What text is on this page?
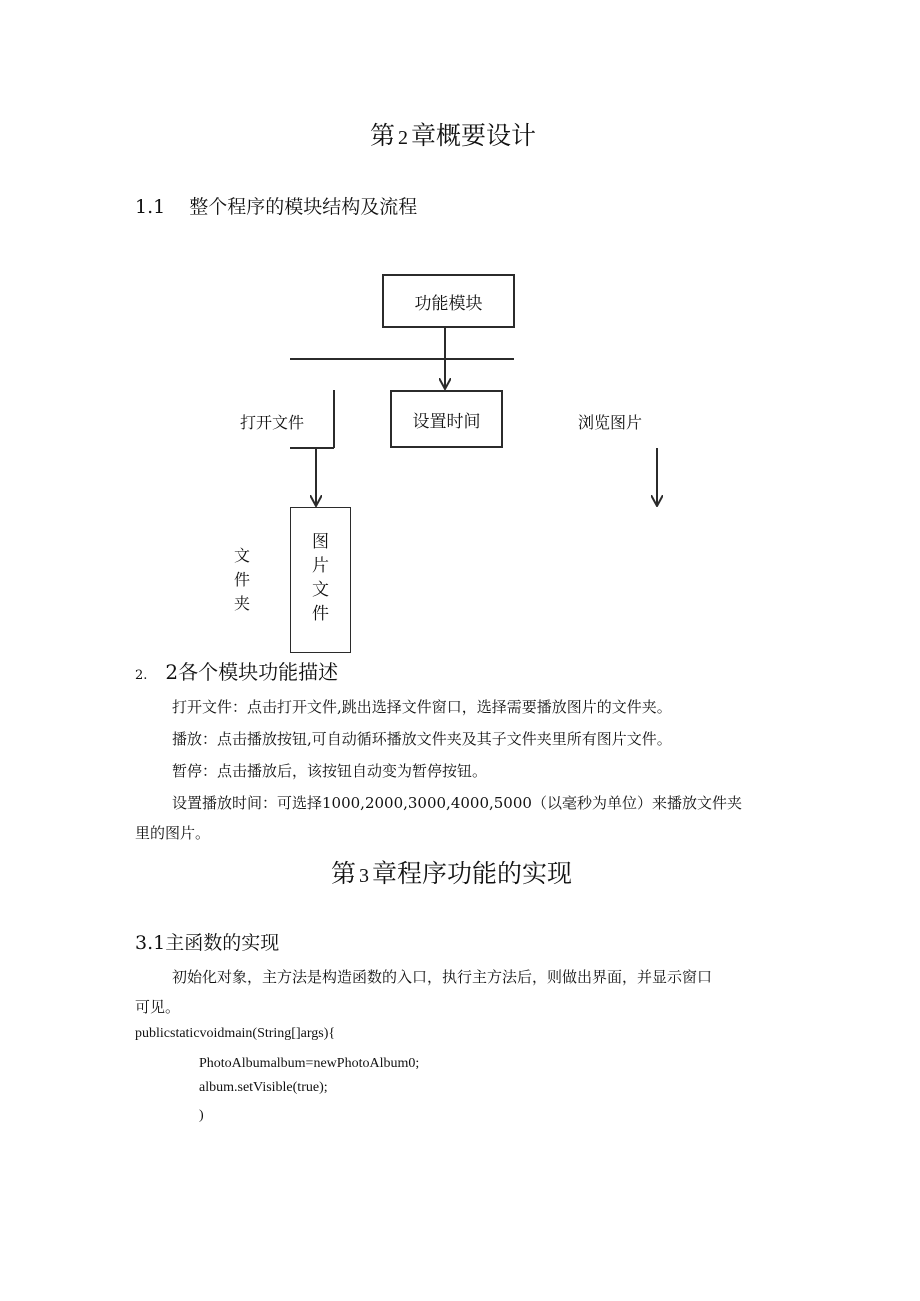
第 2 章概要设计
1.1 整个程序的模块结构及流程
功能模块
打开文件	设置时间	浏览图片
文件夹
图片文件
2. 2各个模块功能描述
打开文件：点击打开文件,跳出选择文件窗口，选择需要播放图片的文件夹。
播放：点击播放按钮,可自动循环播放文件夹及其子文件夹里所有图片文件。
暂停：点击播放后，该按钮自动变为暂停按钮。
设置播放时间：可选择1000,2000,3000,4000,5000（以毫秒为单位）来播放文件夹
里的图片。
第 3 章程序功能的实现
3.1主函数的实现
初始化对象，主方法是构造函数的入口，执行主方法后，则做出界面，并显示窗口
可见。
publicstaticvoidmain(String[]args){
PhotoAlbumalbum=newPhotoAlbum0;
album.setVisible(true);
)
